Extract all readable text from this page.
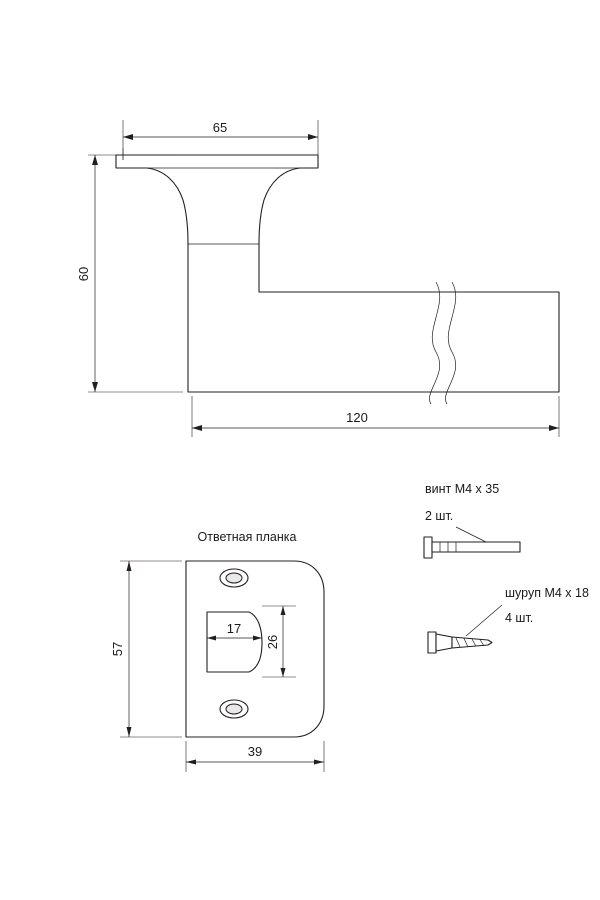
65
60
120
Ответная планка
17
26
57
39
винт M4 x 35
2 шт.
шуруп M4 x 18
4 шт.
